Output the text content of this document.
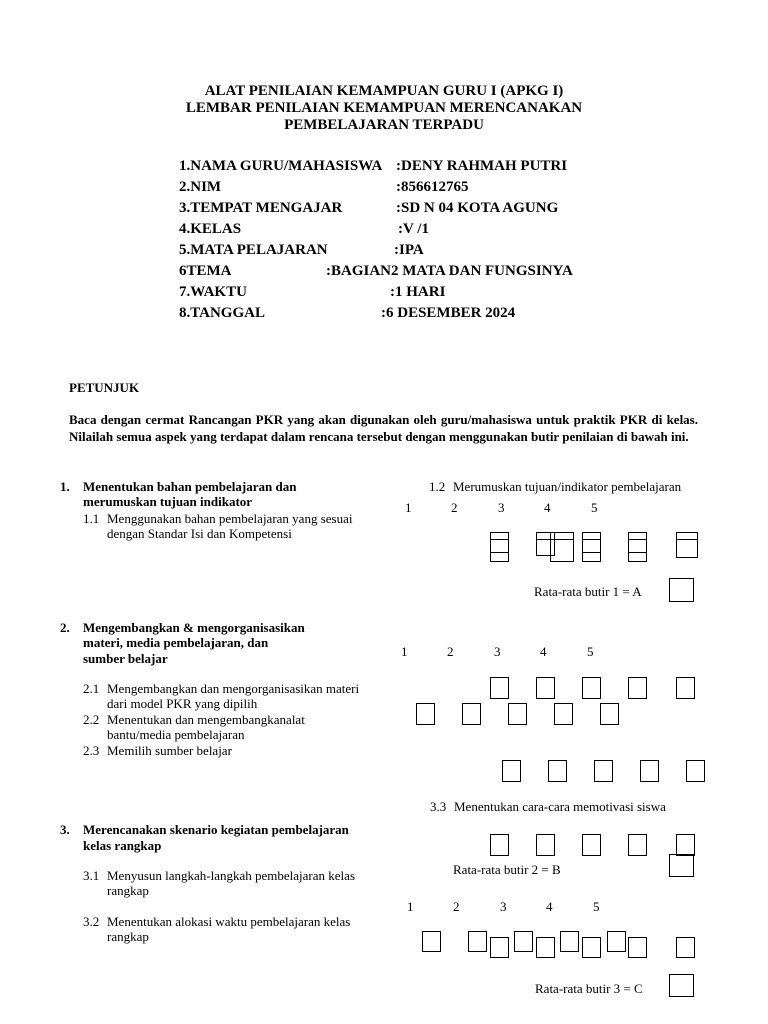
ALAT PENILAIAN KEMAMPUAN GURU I (APKG I)
LEMBAR PENILAIAN KEMAMPUAN MERENCANAKAN
PEMBELAJARAN TERPADU
1.NAMA GURU/MAHASISWA :DENY RAHMAH PUTRI
2.NIM	:856612765
3.TEMPAT MENGAJAR	:SD N 04 KOTA AGUNG
4.KELAS	:V /1
5.MATA PELAJARAN	:IPA
6TEMA	:BAGIAN2 MATA DAN FUNGSINYA
7.WAKTU	:1 HARI
8.TANGGAL	:6 DESEMBER 2024
PETUNJUK
Baca dengan cermat Rancangan PKR yang akan digunakan oleh guru/mahasiswa untuk praktik PKR di kelas. Nilailah semua aspek yang terdapat dalam rencana tersebut dengan menggunakan butir penilaian di bawah ini.
1. Menentukan bahan pembelajaran dan
merumuskan tujuan indikator
1.1 Menggunakan bahan pembelajaran yang sesuai
dengan Standar Isi dan Kompetensi
1.2 Merumuskan tujuan/indikator pembelajaran
1	2	3	4	5
Rata-rata butir 1 = A
2. Mengembangkan & mengorganisasikan
materi, media pembelajaran, dan
sumber belajar	1	2	3	4	5
2.1 Mengembangkan dan mengorganisasikan materi
dari model PKR yang dipilih
2.2 Menentukan dan mengembangkanalat
bantu/media pembelajaran
2.3 Memilih sumber belajar
3.3 Menentukan cara-cara memotivasi siswa
Rata-rata butir 2 = B
3. Merencanakan skenario kegiatan pembelajaran
kelas rangkap
3.1 Menyusun langkah-langkah pembelajaran kelas
rangkap
3.2 Menentukan alokasi waktu pembelajaran kelas
rangkap
1	2	3	4	5
Rata-rata butir 3 = C
